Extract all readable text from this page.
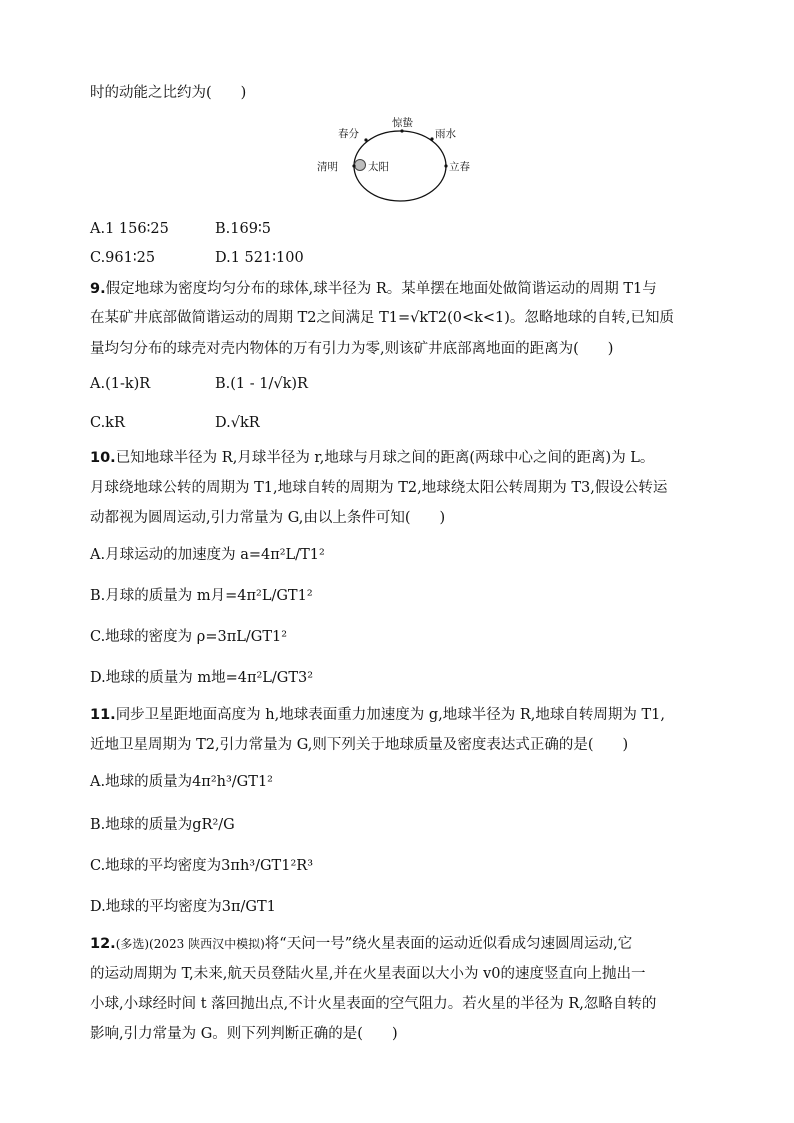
时的动能之比约为(　　)
惊蛰
春分	雨水
清明	太阳	立春
A.1 156∶25	B.169∶5
C.961∶25	D.1 521∶100
9.假定地球为密度均匀分布的球体,球半径为 R。某单摆在地面处做简谐运动的周期 T1与
在某矿井底部做简谐运动的周期 T2之间满足 T1=√kT2(0<k<1)。忽略地球的自转,已知质
量均匀分布的球壳对壳内物体的万有引力为零,则该矿井底部离地面的距离为(　　)
A.(1-k)R	B.(1 - 1/√k)R
C.kR	D.√kR
10.已知地球半径为 R,月球半径为 r,地球与月球之间的距离(两球中心之间的距离)为 L。
月球绕地球公转的周期为 T1,地球自转的周期为 T2,地球绕太阳公转周期为 T3,假设公转运
动都视为圆周运动,引力常量为 G,由以上条件可知(　　)
A.月球运动的加速度为 a=4π²L/T1²
B.月球的质量为 m月=4π²L/GT1²
C.地球的密度为 ρ=3πL/GT1²
D.地球的质量为 m地=4π²L/GT3²
11.同步卫星距地面高度为 h,地球表面重力加速度为 g,地球半径为 R,地球自转周期为 T1,
近地卫星周期为 T2,引力常量为 G,则下列关于地球质量及密度表达式正确的是(　　)
A.地球的质量为4π²h³/GT1²
B.地球的质量为gR²/G
C.地球的平均密度为3πh³/GT1²R³
D.地球的平均密度为3π/GT1
12.(多选)(2023 陕西汉中模拟)将“天问一号”绕火星表面的运动近似看成匀速圆周运动,它
的运动周期为 T,未来,航天员登陆火星,并在火星表面以大小为 v0的速度竖直向上抛出一
小球,小球经时间 t 落回抛出点,不计火星表面的空气阻力。若火星的半径为 R,忽略自转的
影响,引力常量为 G。则下列判断正确的是(　　)
